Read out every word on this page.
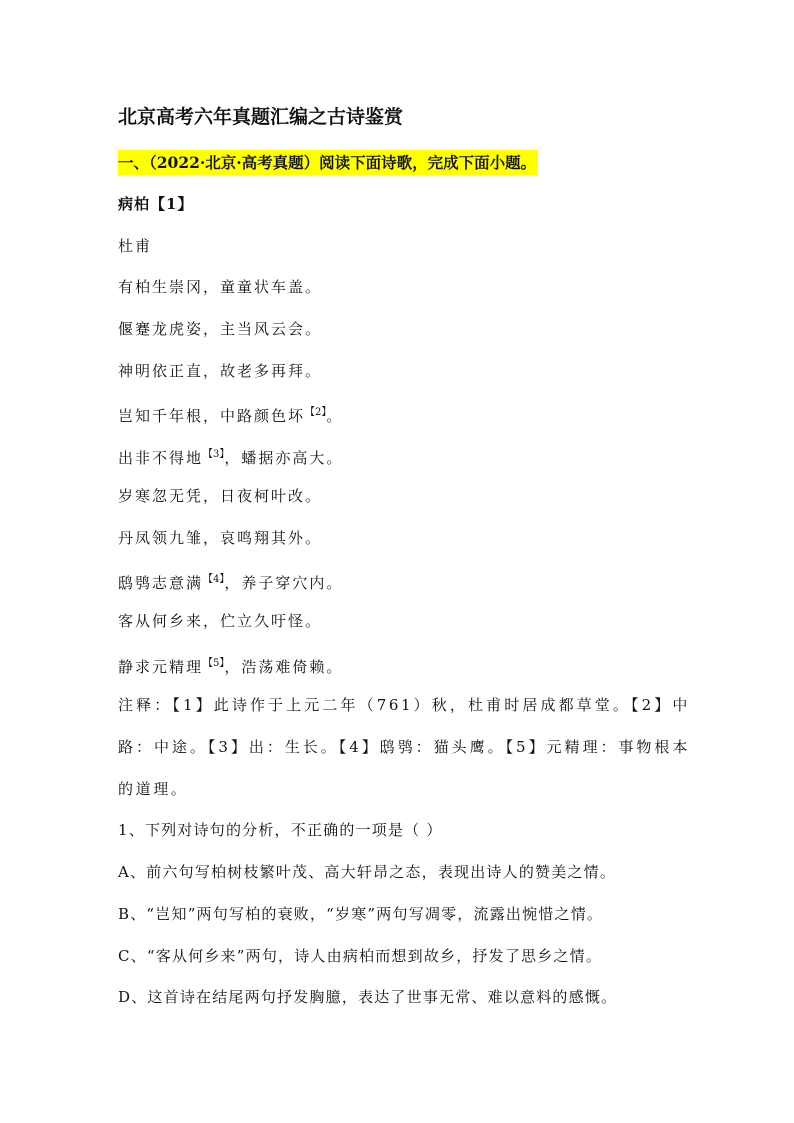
北京高考六年真题汇编之古诗鉴赏
一、（2022·北京·高考真题）阅读下面诗歌，完成下面小题。
病柏【1】
杜甫
有柏生崇冈，童童状车盖。
偃蹇龙虎姿，主当风云会。
神明依正直，故老多再拜。
岂知千年根，中路颜色坏$^{【2】}$。
出非不得地$^{【3】}$，蟠据亦高大。
岁寒忽无凭，日夜柯叶改。
丹凤领九雏，哀鸣翔其外。
鸱鸮志意满$^{【4】}$，养子穿穴内。
客从何乡来，伫立久吁怪。
静求元精理$^{【5】}$，浩荡难倚赖。
注释：【1】此诗作于上元二年（761）秋，杜甫时居成都草堂。【2】中路：中途。【3】出：生长。【4】鸱鸮：猫头鹰。【5】元精理：事物根本的道理。
1、下列对诗句的分析，不正确的一项是（ ）
A、前六句写柏树枝繁叶茂、高大轩昂之态，表现出诗人的赞美之情。
B、“岂知”两句写柏的衰败，“岁寒”两句写凋零，流露出惋惜之情。
C、“客从何乡来”两句，诗人由病柏而想到故乡，抒发了思乡之情。
D、这首诗在结尾两句抒发胸臆，表达了世事无常、难以意料的感慨。
